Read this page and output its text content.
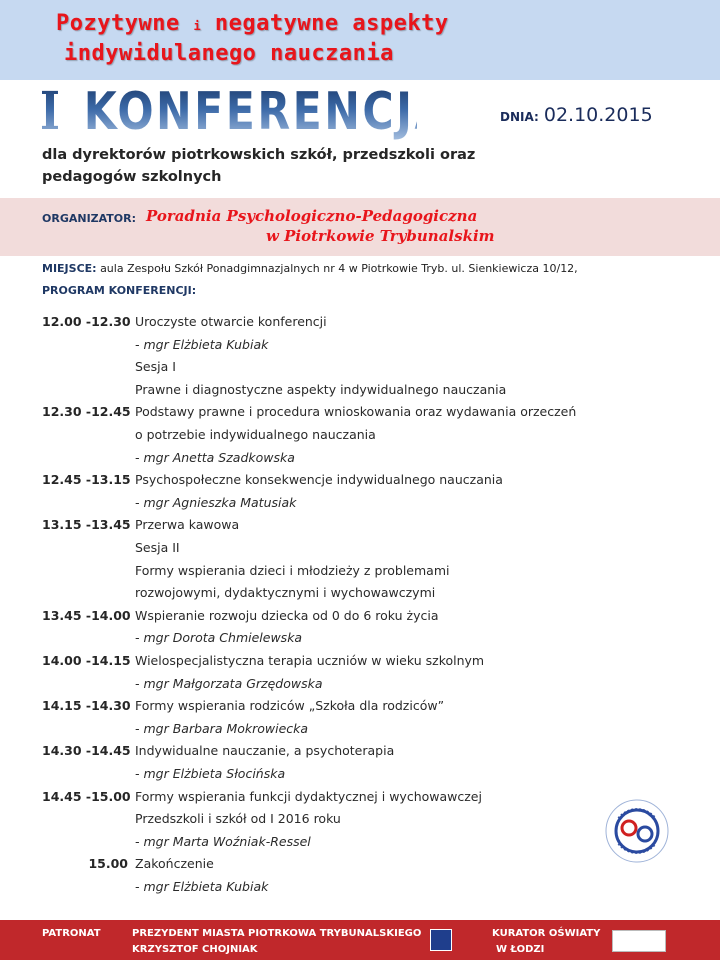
Pozytywne i negatywne aspekty
indywidulanego nauczania
I KONFERENCJA	DNIA: 02.10.2015
dla dyrektorów piotrkowskich szkół, przedszkoli oraz pedagogów szkolnych
ORGANIZATOR: Poradnia Psychologiczno-Pedagogiczna
w Piotrkowie Trybunalskim
MIEJSCE: aula Zespołu Szkół Ponadgimnazjalnych nr 4 w Piotrkowie Tryb. ul. Sienkiewicza 10/12,
PROGRAM KONFERENCJI:
12.00 -12.30 Uroczyste otwarcie konferencji
- mgr Elżbieta Kubiak
Sesja I
Prawne i diagnostyczne aspekty indywidualnego nauczania
12.30 -12.45 Podstawy prawne i procedura wnioskowania oraz wydawania orzeczeń
o potrzebie indywidualnego nauczania
- mgr Anetta Szadkowska
12.45 -13.15 Psychospołeczne konsekwencje indywidualnego nauczania
- mgr Agnieszka Matusiak
13.15 -13.45 Przerwa kawowa
Sesja II
Formy wspierania dzieci i młodzieży z problemami
rozwojowymi, dydaktycznymi i wychowawczymi
13.45 -14.00 Wspieranie rozwoju dziecka od 0 do 6 roku życia
- mgr Dorota Chmielewska
14.00 -14.15 Wielospecjalistyczna terapia uczniów w wieku szkolnym
- mgr Małgorzata Grzędowska
14.15 -14.30 Formy wspierania rodziców „Szkoła dla rodziców”
- mgr Barbara Mokrowiecka
14.30 -14.45 Indywidualne nauczanie, a psychoterapia
- mgr Elżbieta Słocińska
14.45 -15.00 Formy wspierania funkcji dydaktycznej i wychowawczej
Przedszkoli i szkół od I 2016 roku
- mgr Marta Woźniak-Ressel
15.00 Zakończenie
- mgr Elżbieta Kubiak
PATRONAT	PREZYDENT MIASTA PIOTRKOWA TRYBUNALSKIEGO
KRZYSZTOF CHOJNIAK
KURATOR OŚWIATY
W ŁODZI
